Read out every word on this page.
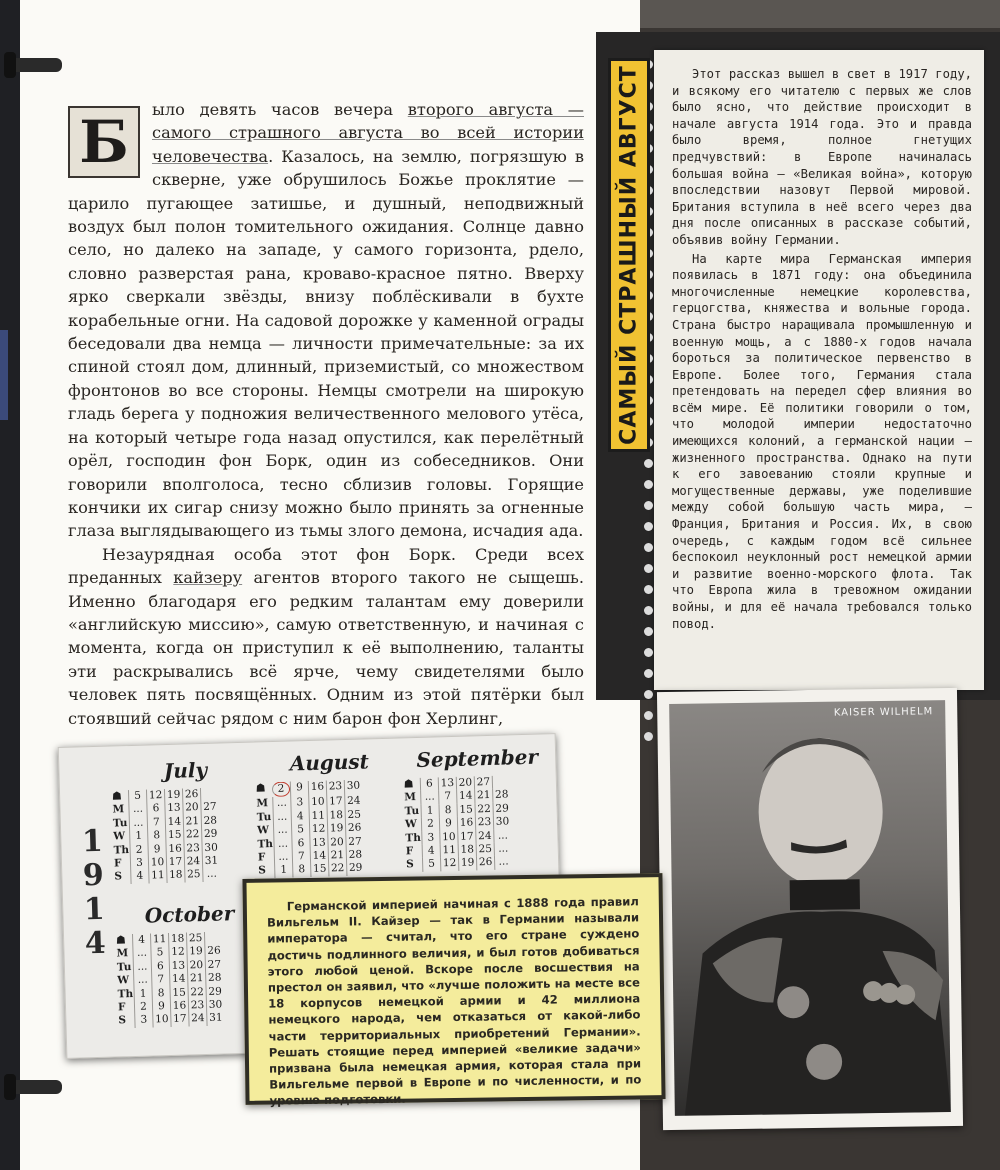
Б	ыло девять часов вечера второго августа — самого страшного августа во всей истории человечества. Казалось, на землю, погрязшую в скверне, уже обрушилось Божье проклятие — царило пугающее затишье, и душный, неподвижный воздух был полон томительного ожидания. Солнце давно село, но далеко на западе, у самого горизонта, рдело, словно разверстая рана, кроваво-красное пятно. Вверху ярко сверкали звёзды, внизу поблёскивали в бухте корабельные огни. На садовой дорожке у каменной ограды беседовали два немца — личности примечательные: за их спиной стоял дом, длинный, приземистый, со множеством фронтонов во все стороны. Немцы смотрели на широкую гладь берега у подножия величественного мелового утёса, на который четыре года назад опустился, как перелётный орёл, господин фон Борк, один из собеседников. Они говорили вполголоса, тесно сблизив головы. Горящие кончики их сигар снизу можно было принять за огненные глаза выглядывающего из тьмы злого демона, исчадия ада.

Незаурядная особа этот фон Борк. Среди всех преданных кайзеру агентов второго такого не сыщешь. Именно благодаря его редким талантам ему доверили «английскую миссию», самую ответственную, и начиная с момента, когда он приступил к её выполнению, таланты эти раскрывались всё ярче, чему свидетелями было человек пять посвящённых. Одним из этой пятёрки был стоявший сейчас рядом с ним барон фон Херлинг,

САМЫЙ СТРАШНЫЙ АВГУСТ	Этот рассказ вышел в свет в 1917 году, и всякому его читателю с первых же слов было ясно, что действие происходит в начале августа 1914 года. Это и правда было время, полное гнетущих предчувствий: в Европе начиналась большая война — «Великая война», которую впоследствии назовут Первой мировой. Британия вступила в неё всего через два дня после описанных в рассказе событий, объявив войну Германии.

На карте мира Германская империя появилась в 1871 году: она объединила многочисленные немецкие королевства, герцогства, княжества и вольные города. Страна быстро наращивала промышленную и военную мощь, а с 1880-х годов начала бороться за политическое первенство в Европе. Более того, Германия стала претендовать на передел сфер влияния во всём мире. Её политики говорили о том, что молодой империи недостаточно имеющихся колоний, а германской нации — жизненного пространства. Однако на пути к его завоеванию стояли крупные и могущественные державы, уже поделившие между собой большую часть мира, — Франция, Британия и Россия. Их, в свою очередь, с каждым годом всё сильнее беспокоил неуклонный рост немецкой армии и развитие военно-морского флота. Так что Европа жила в тревожном ожидании войны, и для её начала требовался только повод.

KAISER WILHELM
1
9
1
4
July
☗	5 12 19 26
M ... 6 13 20 27
Tu ... 7 14 21 28
W 1	8 15 22 29
Th 2	9 16 23 30
F	3 10 17 24 31
S	4 11 18 25 ...
August
☗	2	9 16 23 30
M ... 3 10 17 24
Tu ... 4 11 18 25
W ... 5 12 19 26
Th ... 6 13 20 27
F	... 7 14 21 28
S	1	8 15 22 29
September
☗	6 13 20 27
M ... 7 14 21 28
Tu 1	8 15 22 29
W 2	9 16 23 30
Th 3 10 17 24 ...
F	4 11 18 25 ...
S	5 12 19 26 ...
October
☗	4 11 18 25
M ... 5 12 19 26
Tu ... 6 13 20 27
W ... 7 14 21 28
Th 1	8 15 22 29
F	2	9 16 23 30
S	3 10 17 24 31

Германской империей начиная с 1888 года правил Вильгельм II. Кайзер — так в Германии называли императора — считал, что его стране суждено достичь подлинного величия, и был готов добиваться этого любой ценой. Вскоре после восшествия на престол он заявил, что «лучше положить на месте все 18 корпусов немецкой армии и 42 миллиона немецкого народа, чем отказаться от какой-либо части территориальных приобретений Германии». Решать стоящие перед империей «великие задачи» призвана была немецкая армия, которая стала при Вильгельме первой в Европе и по численности, и по уровню подготовки.
